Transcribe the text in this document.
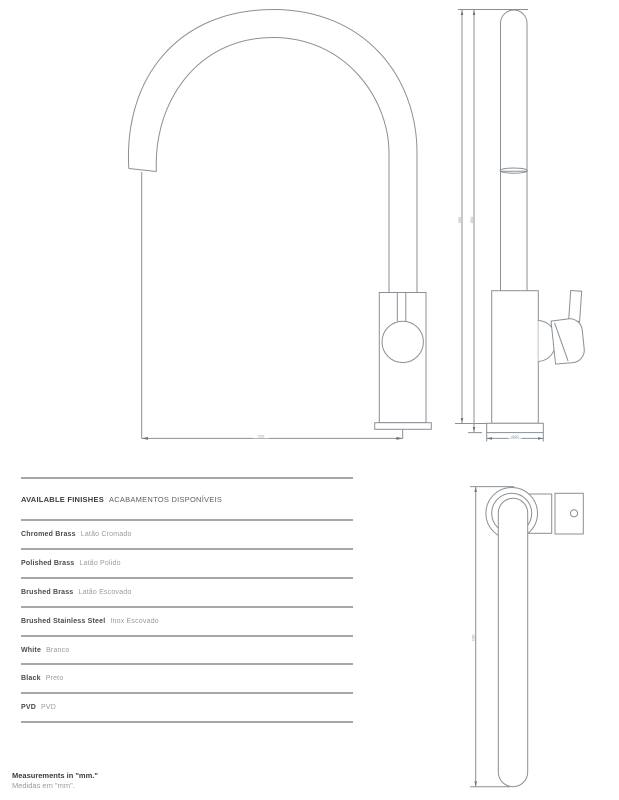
220
395 350
Ø60
230
AVAILABLE FINISHES ACABAMENTOS DISPONÍVEIS
Chromed Brass Latão Cromado
Polished Brass Latão Polido
Brushed Brass Latão Escovado
Brushed Stainless Steel Inox Escovado
White Branco
Black Preto
PVD PVD
Measurements in "mm."
Medidas em "mm".
